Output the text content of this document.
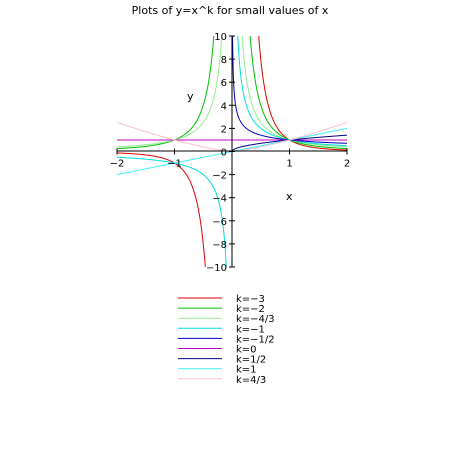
Plots of y=x^k for small values of x
−2	−1	1	2
−10
−8
−6
−4
−2
0
2
4
6
8
10
x
y
k=−3
k=−2
k=−4/3
k=−1
k=−1/2
k=0
k=1/2
k=1
k=4/3
